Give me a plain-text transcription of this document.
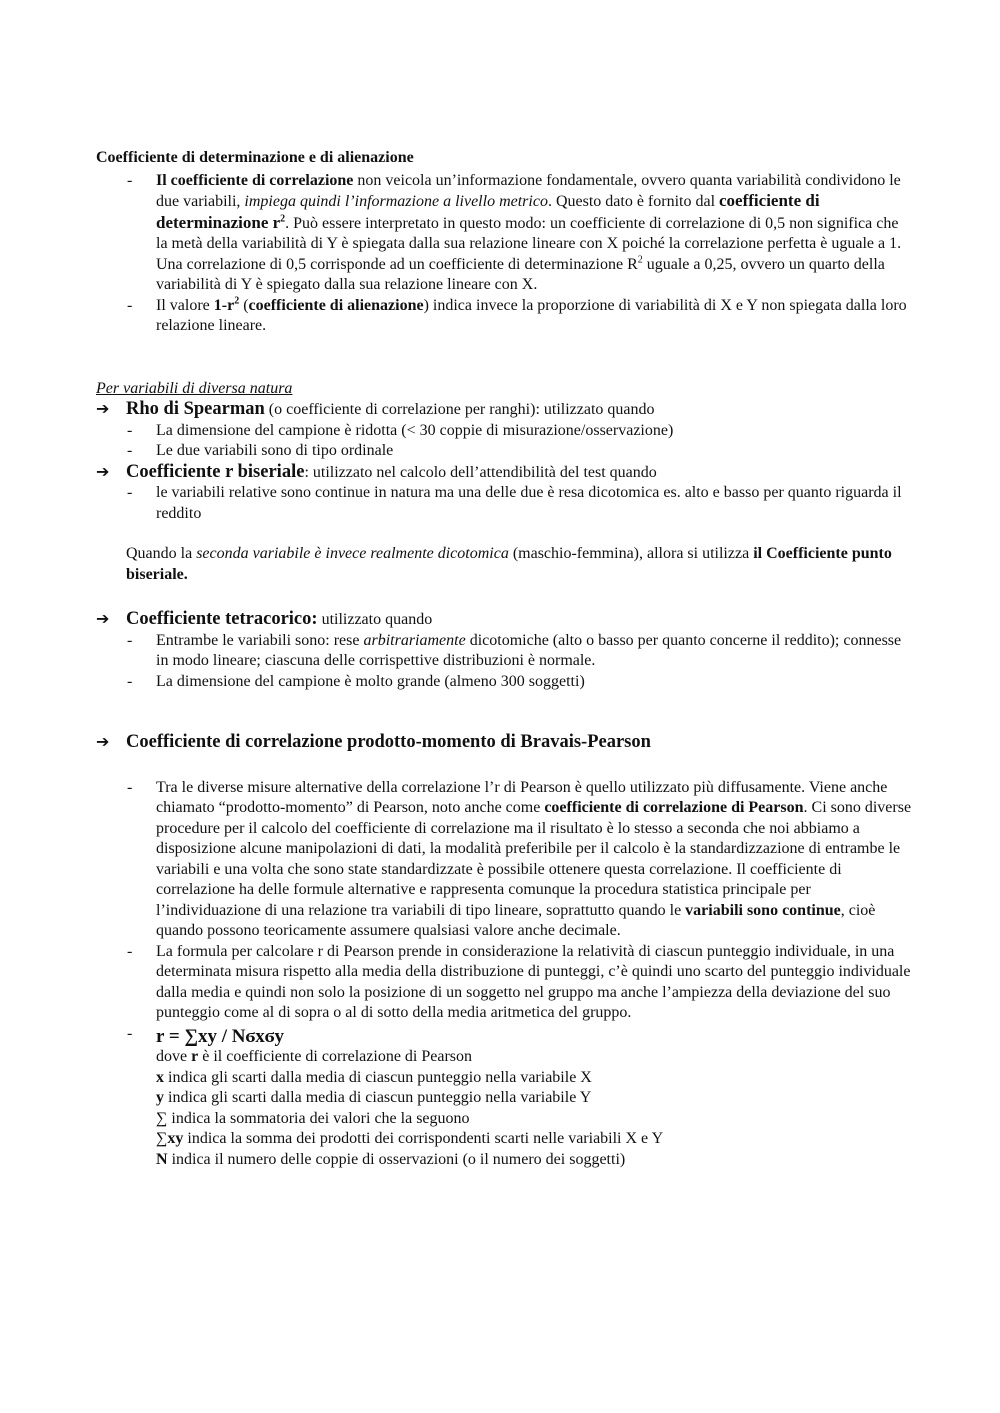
Coefficiente di determinazione e di alienazione
- Il coefficiente di correlazione non veicola un’informazione fondamentale, ovvero quanta variabilità condividono le due variabili, impiega quindi l’informazione a livello metrico. Questo dato è fornito dal coefficiente di determinazione $r^2$. Può essere interpretato in questo modo: un coefficiente di correlazione di 0,5 non significa che la metà della variabilità di Y è spiegata dalla sua relazione lineare con X poiché la correlazione perfetta è uguale a 1. Una correlazione di 0,5 corrisponde ad un coefficiente di determinazione $R^2$ uguale a 0,25, ovvero un quarto della variabilità di Y è spiegato dalla sua relazione lineare con X.
- Il valore $1-r^2$ (coefficiente di alienazione) indica invece la proporzione di variabilità di X e Y non spiegata dalla loro relazione lineare.
Per variabili di diversa natura
➔ Rho di Spearman (o coefficiente di correlazione per ranghi): utilizzato quando
- La dimensione del campione è ridotta (< 30 coppie di misurazione/osservazione)
- Le due variabili sono di tipo ordinale
➔ Coefficiente r biseriale: utilizzato nel calcolo dell’attendibilità del test quando
- le variabili relative sono continue in natura ma una delle due è resa dicotomica es. alto e basso per quanto riguarda il reddito
Quando la seconda variabile è invece realmente dicotomica (maschio-femmina), allora si utilizza il Coefficiente punto biseriale.
➔ Coefficiente tetracorico: utilizzato quando
- Entrambe le variabili sono: rese arbitrariamente dicotomiche (alto o basso per quanto concerne il reddito); connesse in modo lineare; ciascuna delle corrispettive distribuzioni è normale.
- La dimensione del campione è molto grande (almeno 300 soggetti)
➔ Coefficiente di correlazione prodotto-momento di Bravais-Pearson
- Tra le diverse misure alternative della correlazione l’r di Pearson è quello utilizzato più diffusamente. Viene anche chiamato “prodotto-momento” di Pearson, noto anche come coefficiente di correlazione di Pearson. Ci sono diverse procedure per il calcolo del coefficiente di correlazione ma il risultato è lo stesso a seconda che noi abbiamo a disposizione alcune manipolazioni di dati, la modalità preferibile per il calcolo è la standardizzazione di entrambe le variabili e una volta che sono state standardizzate è possibile ottenere questa correlazione. Il coefficiente di correlazione ha delle formule alternative e rappresenta comunque la procedura statistica principale per l’individuazione di una relazione tra variabili di tipo lineare, soprattutto quando le variabili sono continue, cioè quando possono teoricamente assumere qualsiasi valore anche decimale.
- La formula per calcolare r di Pearson prende in considerazione la relatività di ciascun punteggio individuale, in una determinata misura rispetto alla media della distribuzione di punteggi, c’è quindi uno scarto del punteggio individuale dalla media e quindi non solo la posizione di un soggetto nel gruppo ma anche l’ampiezza della deviazione del suo punteggio come al di sopra o al di sotto della media aritmetica del gruppo.
- r = ∑xy / Nϭxϭy
dove r è il coefficiente di correlazione di Pearson
x indica gli scarti dalla media di ciascun punteggio nella variabile X
y indica gli scarti dalla media di ciascun punteggio nella variabile Y
∑ indica la sommatoria dei valori che la seguono
∑xy indica la somma dei prodotti dei corrispondenti scarti nelle variabili X e Y
N indica il numero delle coppie di osservazioni (o il numero dei soggetti)
